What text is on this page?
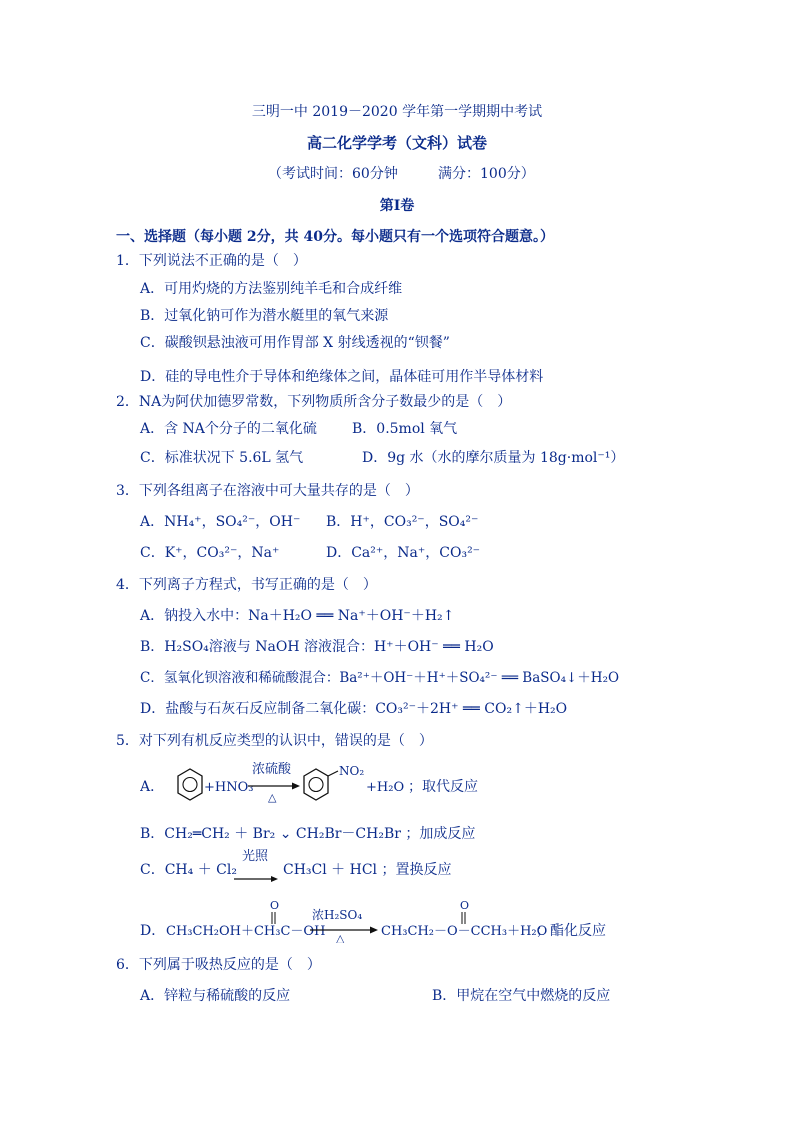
三明一中 2019－2020 学年第一学期期中考试
高二化学学考（文科）试卷
（考试时间：60分钟	满分：100分）
第Ⅰ卷
一、选择题（每小题 2分，共 40分。每小题只有一个选项符合题意。）
1．下列说法不正确的是（　）
A．可用灼烧的方法鉴别纯羊毛和合成纤维
B．过氧化钠可作为潜水艇里的氧气来源
C．碳酸钡悬浊液可用作胃部 X 射线透视的“钡餐”
D．硅的导电性介于导体和绝缘体之间，晶体硅可用作半导体材料
2．NA为阿伏加德罗常数，下列物质所含分子数最少的是（　）
A．含 NA个分子的二氧化硫	B．0.5mol 氧气
C．标准状况下 5.6L 氢气	D．9g 水（水的摩尔质量为 18g·mol⁻¹）
3．下列各组离子在溶液中可大量共存的是（　）
A．NH₄⁺，SO₄²⁻，OH⁻ B．H⁺，CO₃²⁻，SO₄²⁻
C．K⁺，CO₃²⁻，Na⁺	D．Ca²⁺，Na⁺，CO₃²⁻
4．下列离子方程式，书写正确的是（　）
A．钠投入水中：Na＋H₂O ══ Na⁺＋OH⁻＋H₂↑
B．H₂SO₄溶液与 NaOH 溶液混合：H⁺＋OH⁻ ══ H₂O
C．氢氧化钡溶液和稀硫酸混合：Ba²⁺＋OH⁻＋H⁺＋SO₄²⁻ ══ BaSO₄↓＋H₂O
D．盐酸与石灰石反应制备二氧化碳：CO₃²⁻＋2H⁺ ══ CO₂↑＋H₂O
5．对下列有机反应类型的认识中，错误的是（　）
A．	+HNO₃
浓硫酸
△
NO₂
+H₂O ；取代反应
B．CH₂═CH₂ ＋ Br₂ ⌄ CH₂Br－CH₂Br ；加成反应
C．CH₄ ＋ Cl₂
光照
CH₃Cl ＋ HCl ；置换反应
D． CH₃CH₂OH＋CH₃C－OH
O
浓H₂SO₄
△	CH₃CH₂－O－CCH₃＋H₂O
O
；酯化反应
6．下列属于吸热反应的是（　）
A．锌粒与稀硫酸的反应	B．甲烷在空气中燃烧的反应
